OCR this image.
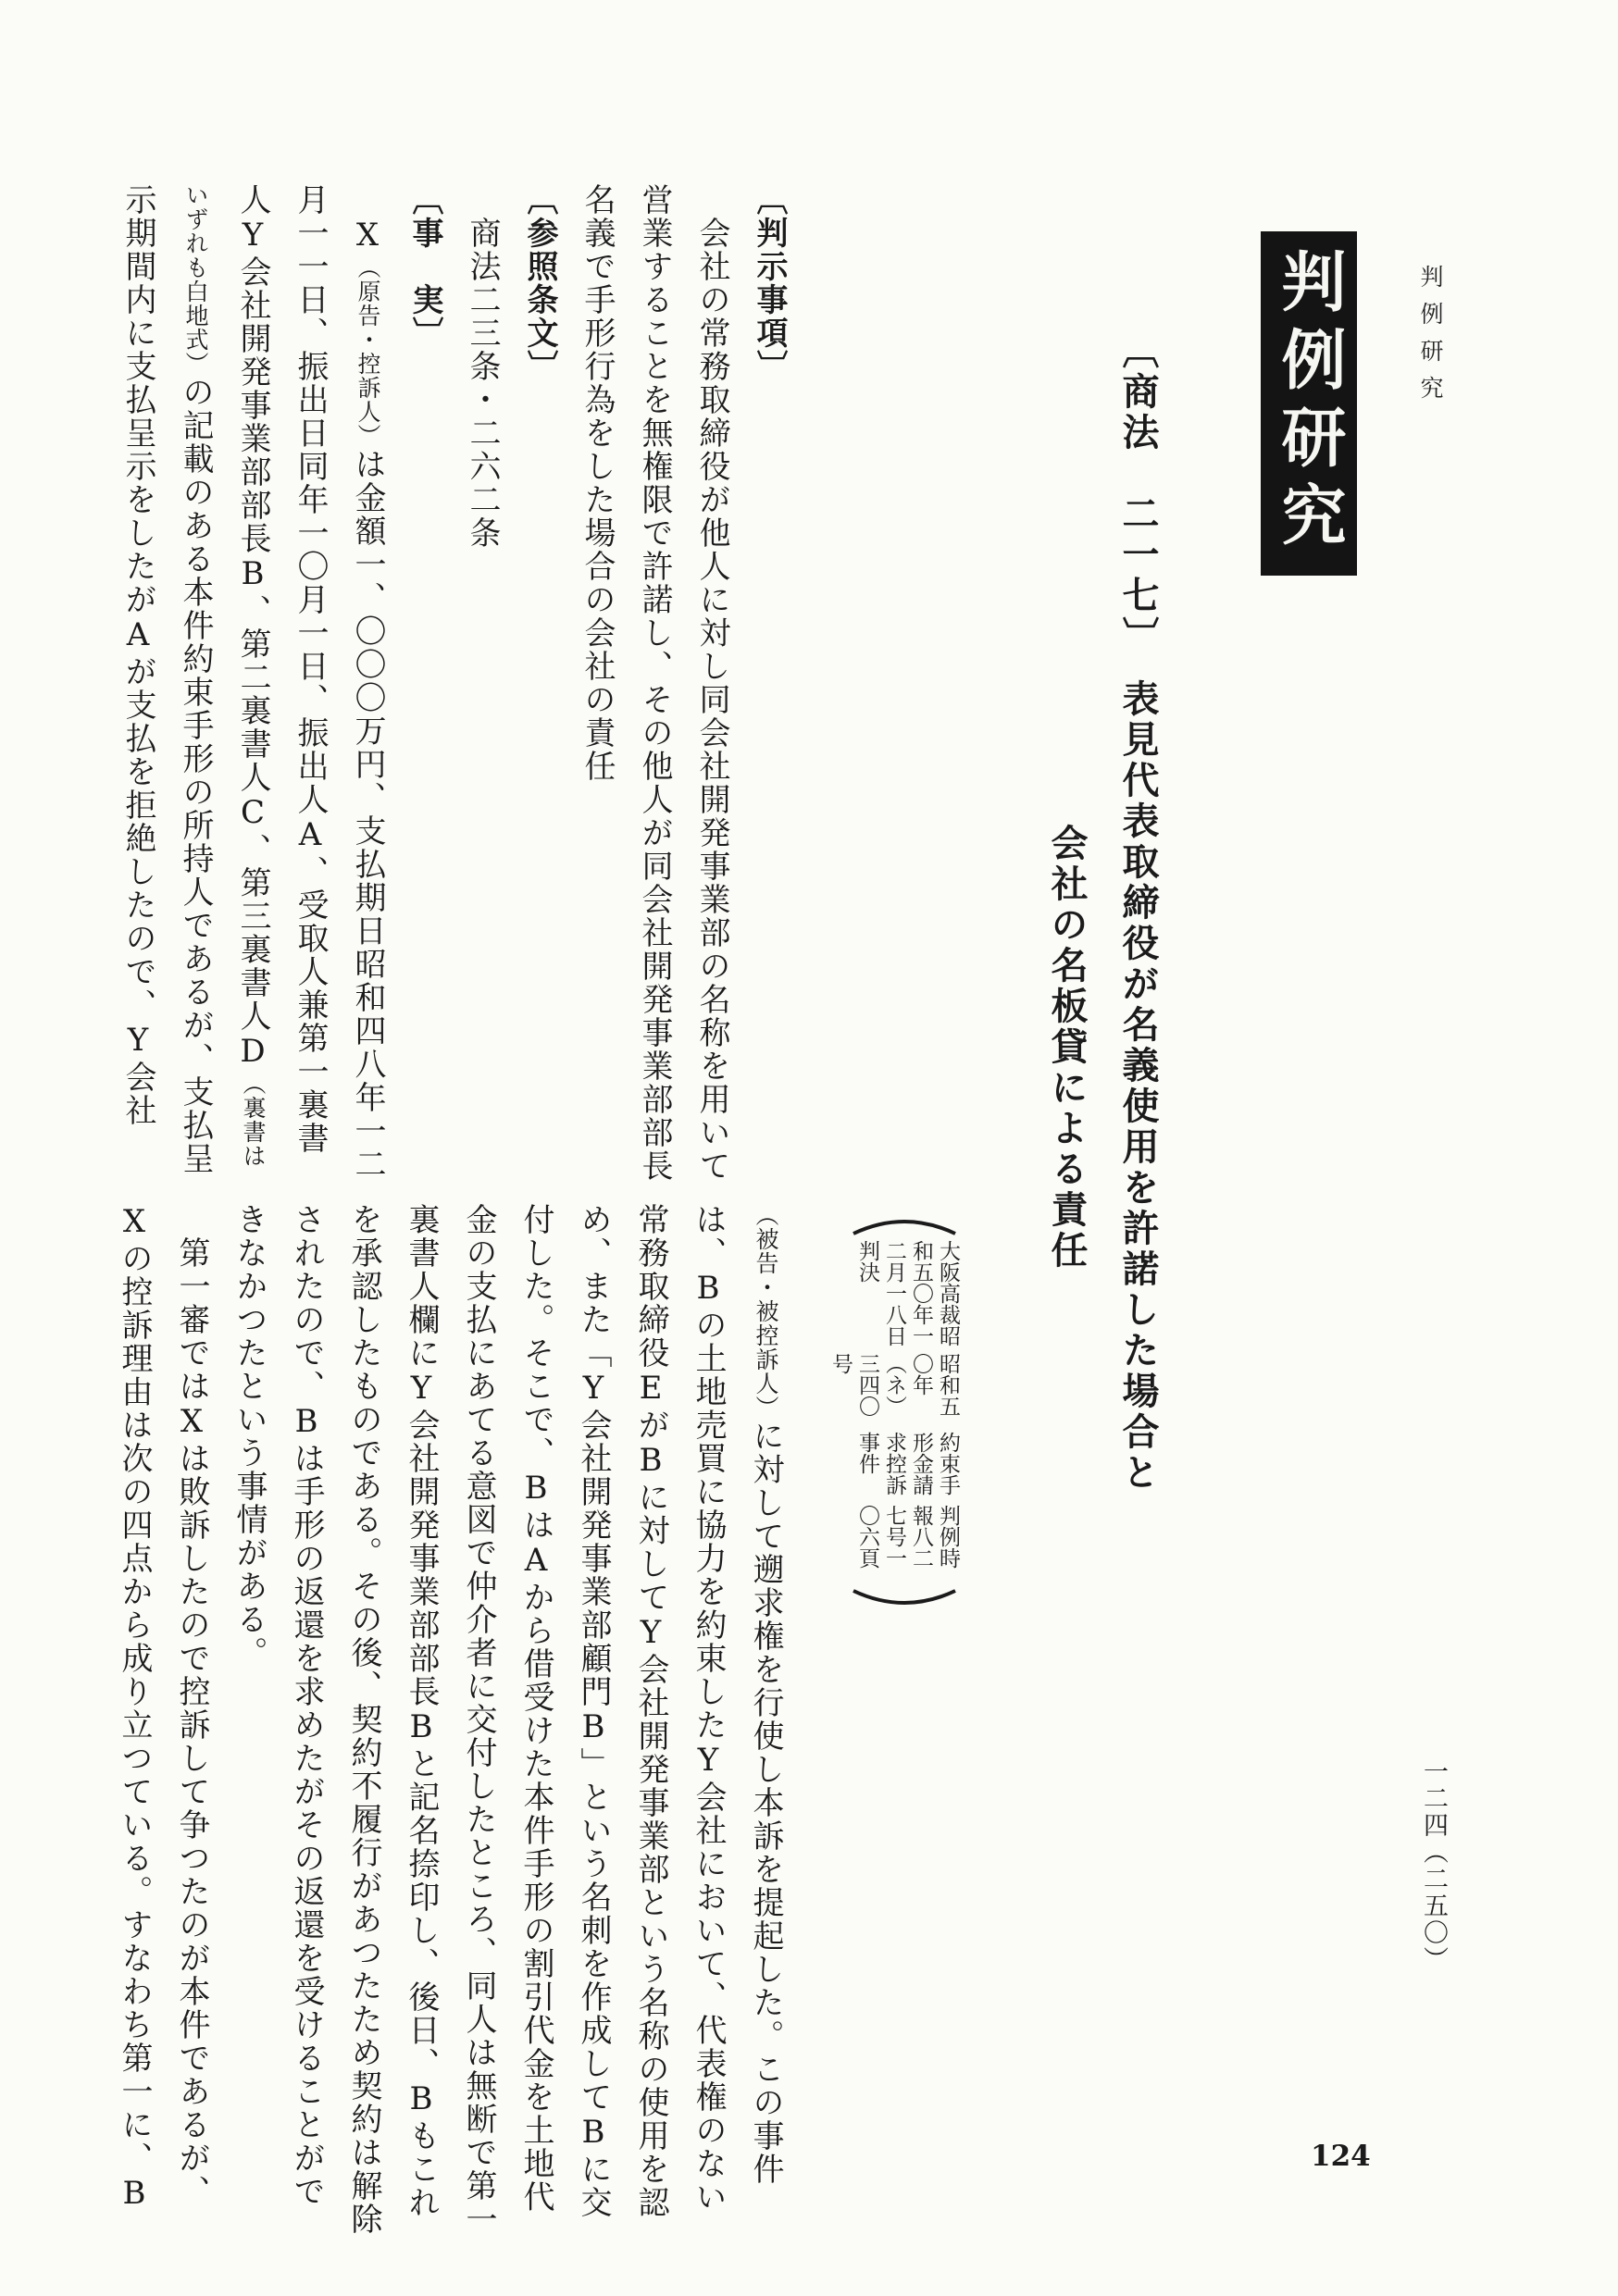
判例研究
判例研究

〔商法　二一七〕　表見代表取締役が名義使用を許諾した場合と

会社の名板貸による責任

大阪高裁昭和五〇年一二月一八日判決

昭和五〇年（ネ）三四〇号

約束手形金請求控訴事件

判例時報八二七号一〇六頁

〔判示事項〕

会社の常務取締役が他人に対し同会社開発事業部の名称を用いて営業することを無権限で許諾し、その他人が同会社開発事業部部長名義で手形行為をした場合の会社の責任

〔参照条文〕

商法二三条・二六二条

〔事　実〕

X（原告・控訴人）は金額一、〇〇〇万円、支払期日昭和四八年一二月一一日、振出日同年一〇月一日、振出人A、受取人兼第一裏書人Y会社開発事業部部長B、第二裏書人C、第三裏書人D（裏書はいずれも白地式）の記載のある本件約束手形の所持人であるが、支払呈示期間内に支払呈示をしたがAが支払を拒絶したので、Y会社

（被告・被控訴人）に対して遡求権を行使し本訴を提起した。この事件は、Bの土地売買に協力を約束したY会社において、代表権のない常務取締役EがBに対してY会社開発事業部という名称の使用を認め、また「Y会社開発事業部顧門B」という名刺を作成してBに交付した。そこで、BはAから借受けた本件手形の割引代金を土地代金の支払にあてる意図で仲介者に交付したところ、同人は無断で第一裏書人欄にY会社開発事業部部長Bと記名捺印し、後日、Bもこれを承認したものである。その後、契約不履行があつたため契約は解除されたので、Bは手形の返還を求めたがその返還を受けることができなかつたという事情がある。

第一審ではXは敗訴したので控訴して争つたのが本件であるが、Xの控訴理由は次の四点から成り立つている。すなわち第一に、B	一二四（二五〇）
124
